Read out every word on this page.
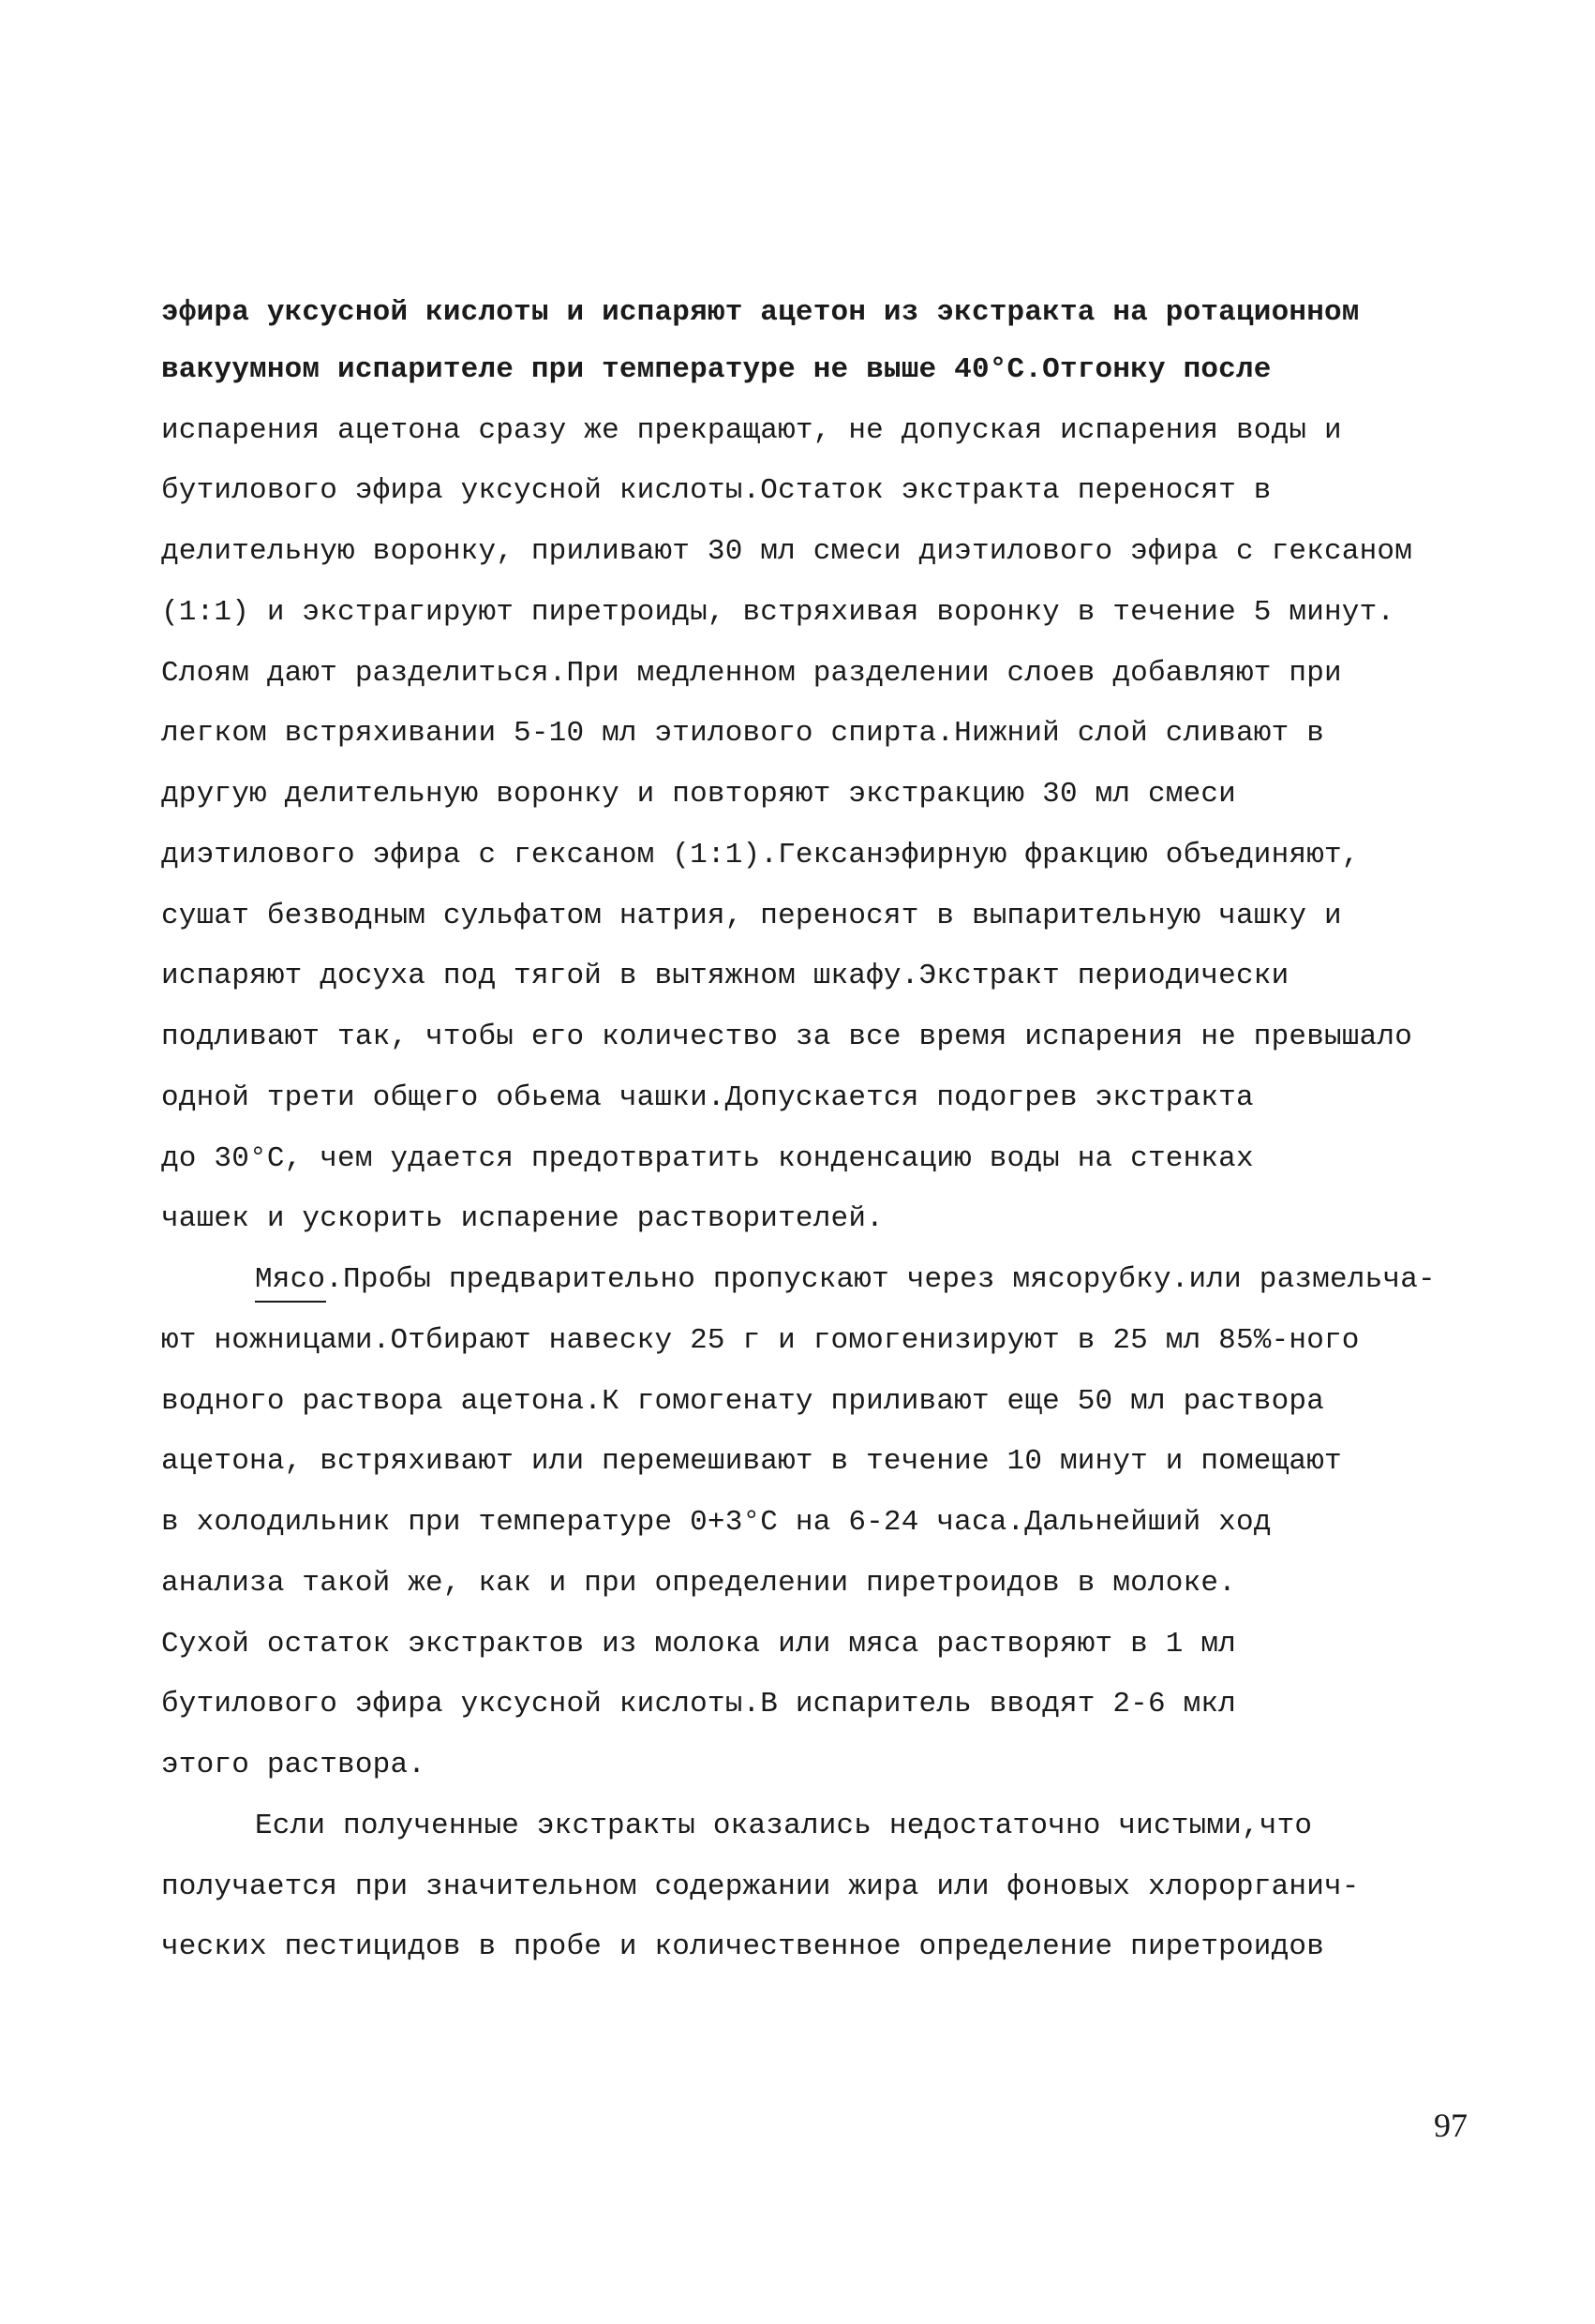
эфира уксусной кислоты и испаряют ацетон из экстракта на ротационном
вакуумном испарителе при температуре не выше 40°С.Отгонку после
испарения ацетона сразу же прекращают, не допуская испарения воды и
бутилового эфира уксусной кислоты.Остаток экстракта переносят в
делительную воронку, приливают 30 мл смеси диэтилового эфира с гексаном
(1:1) и экстрагируют пиретроиды, встряхивая воронку в течение 5 минут.
Слоям дают разделиться.При медленном разделении слоев добавляют при
легком встряхивании 5-10 мл этилового спирта.Нижний слой сливают в
другую делительную воронку и повторяют экстракцию 30 мл смеси
диэтилового эфира с гексаном (1:1).Гексанэфирную фракцию объединяют,
сушат безводным сульфатом натрия, переносят в выпарительную чашку и
испаряют досуха под тягой в вытяжном шкафу.Экстракт периодически
подливают так, чтобы его количество за все время испарения не превышало
одной трети общего обьема чашки.Допускается подогрев экстракта
до 30°С, чем удается предотвратить конденсацию воды на стенках
чашек и ускорить испарение растворителей.
Мясо.Пробы предварительно пропускают через мясорубку.или размельча-
ют ножницами.Отбирают навеску 25 г и гомогенизируют в 25 мл 85%-ного
водного раствора ацетона.К гомогенату приливают еще 50 мл раствора
ацетона, встряхивают или перемешивают в течение 10 минут и помещают
в холодильник при температуре 0+3°С на 6-24 часа.Дальнейший ход
анализа такой же, как и при определении пиретроидов в молоке.
Сухой остаток экстрактов из молока или мяса растворяют в 1 мл
бутилового эфира уксусной кислоты.В испаритель вводят 2-6 мкл
этого раствора.
Если полученные экстракты оказались недостаточно чистыми,что
получается при значительном содержании жира или фоновых хлорорганич-
ческих пестицидов в пробе и количественное определение пиретроидов
97
